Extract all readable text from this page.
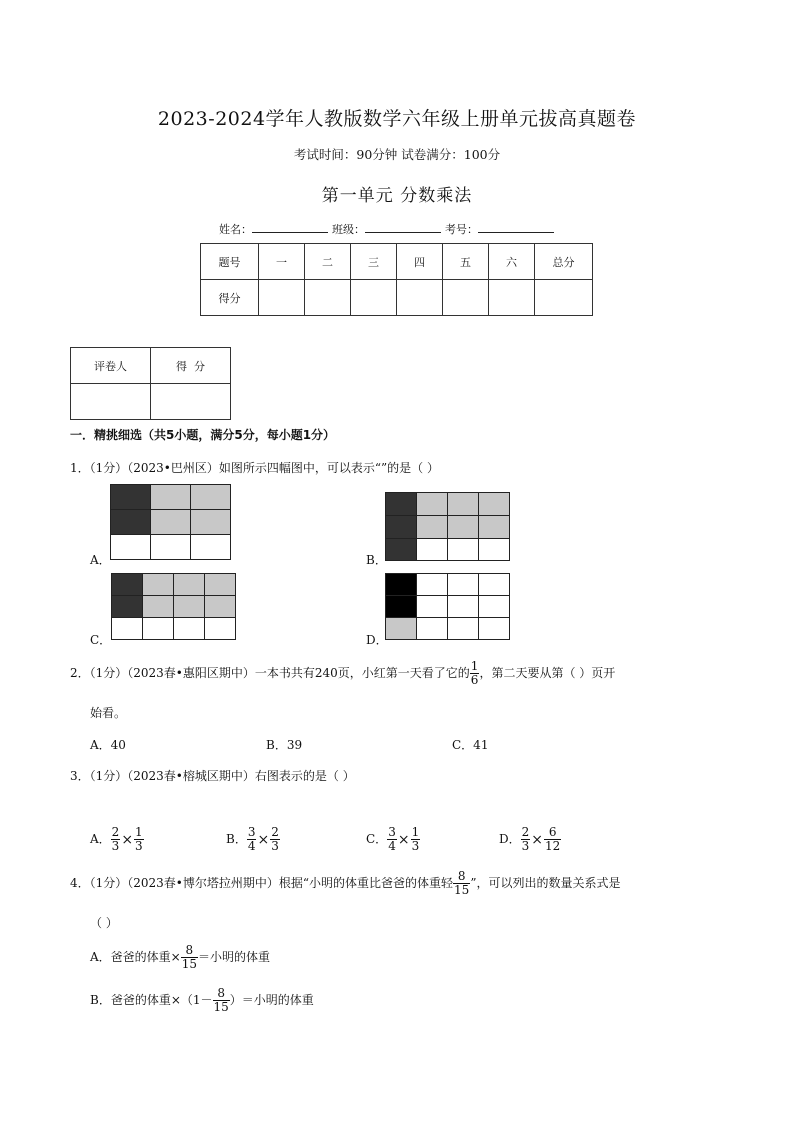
2023-2024学年人教版数学六年级上册单元拔高真题卷
考试时间：90分钟 试卷满分：100分
第一单元 分数乘法
姓名：	班级：	考号：
题号	一	二	三	四	五	六	总分
得分							
评卷人	得  分

一．精挑细选（共5小题，满分5分，每小题1分）
1．（1分）（2023•巴州区）如图所示四幅图中，可以表示“”的是（ ）
A．	B．
C．	D．
2．（1分）（2023春•惠阳区期中）一本书共有240页，小红第一天看了它的 $\frac{1}{6}$ ，第二天要从第（ ）页开
始看。
A．40	B．39	C．41
3．（1分）（2023春•榕城区期中）右图表示的是（ ）
A． $\frac{2}{3} \times \frac{1}{3}$	B． $\frac{3}{4} \times \frac{2}{3}$	C． $\frac{3}{4} \times \frac{1}{3}$	D． $\frac{2}{3} \times \frac{6}{12}$
4．（1分）（2023春•博尔塔拉州期中）根据“小明的体重比爸爸的体重轻 $\frac{8}{15}$ ”，可以列出的数量关系式是
（ ）
A．爸爸的体重× $\frac{8}{15}$ ＝小明的体重
B．爸爸的体重$\times(1- \frac{8}{15}$ ）＝小明的体重
